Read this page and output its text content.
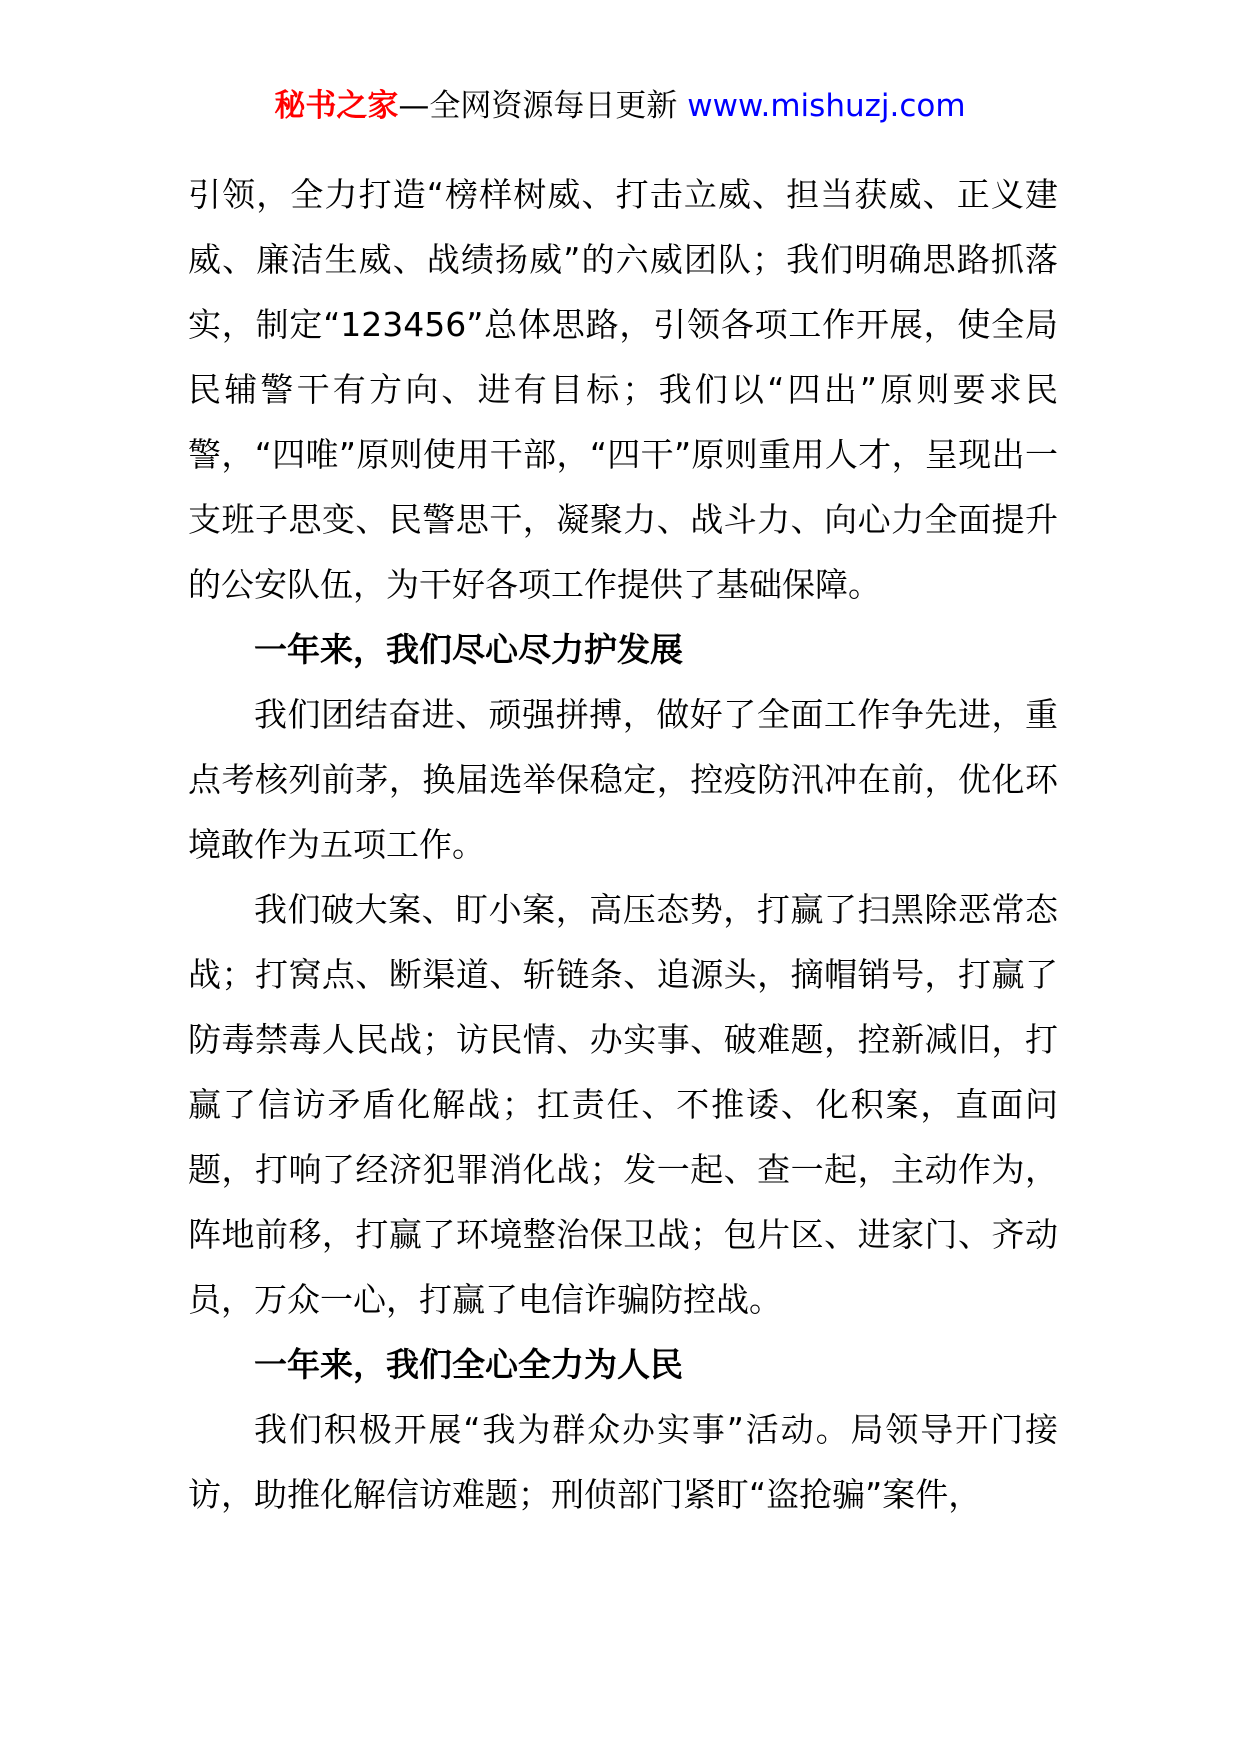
秘书之家—全网资源每日更新 www.mishuzj.com

引领，全力打造“榜样树威、打击立威、担当获威、正义建威、廉洁生威、战绩扬威”的六威团队；我们明确思路抓落实，制定“123456”总体思路，引领各项工作开展，使全局民辅警干有方向、进有目标；我们以“四出”原则要求民警，“四唯”原则使用干部，“四干”原则重用人才，呈现出一支班子思变、民警思干，凝聚力、战斗力、向心力全面提升的公安队伍，为干好各项工作提供了基础保障。

一年来，我们尽心尽力护发展

我们团结奋进、顽强拼搏，做好了全面工作争先进，重点考核列前茅，换届选举保稳定，控疫防汛冲在前，优化环境敢作为五项工作。

我们破大案、盯小案，高压态势，打赢了扫黑除恶常态战；打窝点、断渠道、斩链条、追源头，摘帽销号，打赢了防毒禁毒人民战；访民情、办实事、破难题，控新减旧，打赢了信访矛盾化解战；扛责任、不推诿、化积案，直面问题，打响了经济犯罪消化战；发一起、查一起，主动作为，阵地前移，打赢了环境整治保卫战；包片区、进家门、齐动员，万众一心，打赢了电信诈骗防控战。

一年来，我们全心全力为人民

我们积极开展“我为群众办实事”活动。局领导开门接访，助推化解信访难题；刑侦部门紧盯“盗抢骗”案件，
